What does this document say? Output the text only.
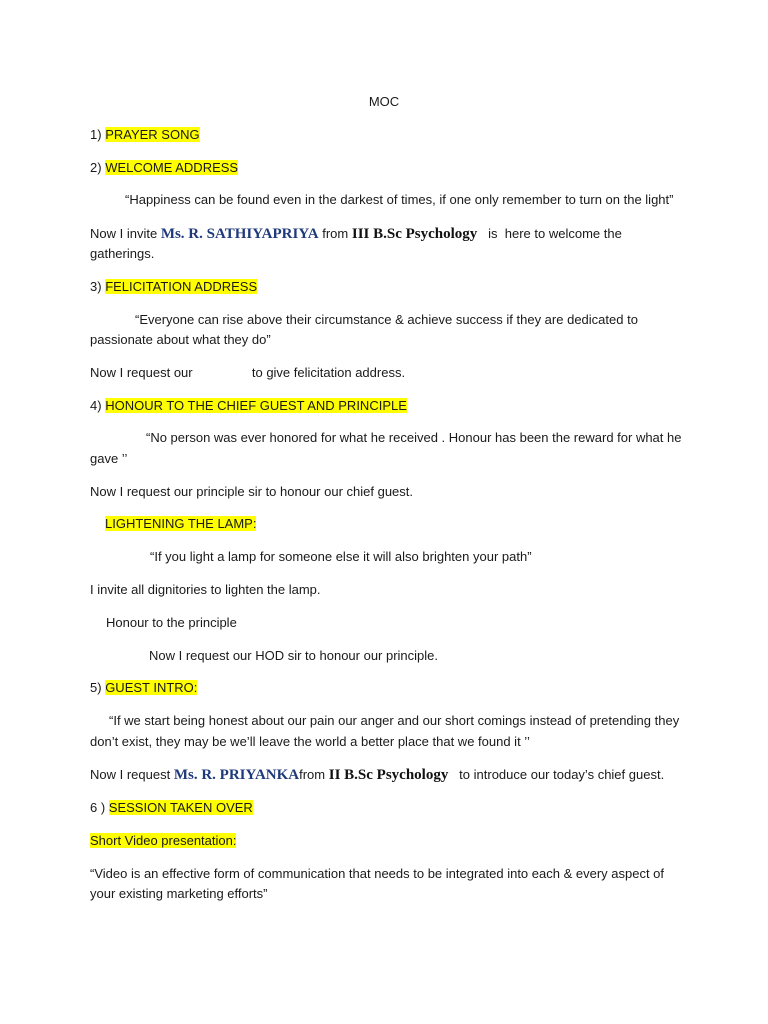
MOC
1) PRAYER SONG
2) WELCOME ADDRESS
“Happiness can be found even in the darkest of times, if one only remember to turn on the light”
Now I invite Ms. R. SATHIYAPRIYA from III B.Sc Psychology   is  here to welcome the
gatherings.
3) FELICITATION ADDRESS
“Everyone can rise above their circumstance & achieve success if they are dedicated to
passionate about what they do”
Now I request our	to give felicitation address.
4) HONOUR TO THE CHIEF GUEST AND PRINCIPLE
“No person was ever honored for what he received . Honour has been the reward for what he
gave ’’
Now I request our principle sir to honour our chief guest.
LIGHTENING THE LAMP:
“If you light a lamp for someone else it will also brighten your path”
I invite all dignitories to lighten the lamp.
Honour to the principle
Now I request our HOD sir to honour our principle.
5) GUEST INTRO:
“If we start being honest about our pain our anger and our short comings instead of pretending they
don’t exist, they may be we’ll leave the world a better place that we found it ’’
Now I request Ms. R. PRIYANKAfrom II B.Sc Psychology   to introduce our today’s chief guest.
6 ) SESSION TAKEN OVER
Short Video presentation:
“Video is an effective form of communication that needs to be integrated into each & every aspect of
your existing marketing efforts”
